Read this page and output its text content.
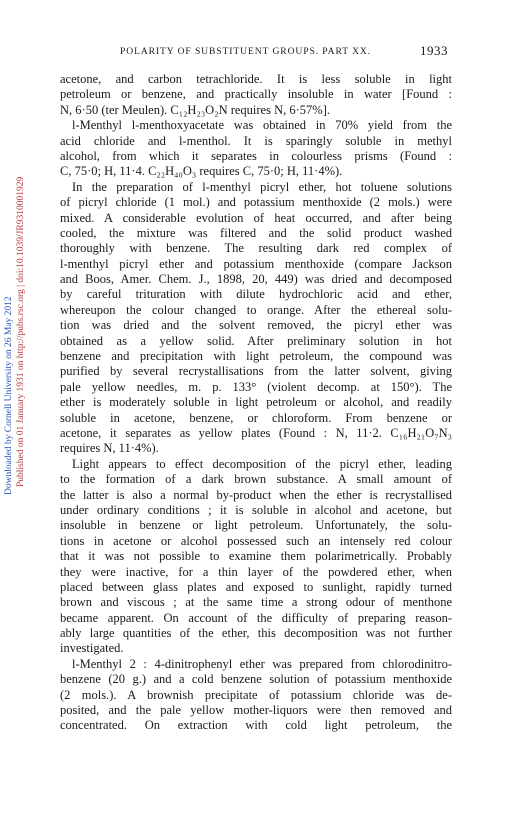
POLARITY OF SUBSTITUENT GROUPS. PART XX.	1933
Downloaded by Cornell University on 26 May 2012 Published on 01 January 1931 on http://pubs.rsc.org | doi:10.1039/JR9310001929
acetone, and carbon tetrachloride. It is less soluble in light
petroleum or benzene, and practically insoluble in water [Found :
N, 6·50 (ter Meulen). C₁₂H₂₃O₂N requires N, 6·57%].
l-Menthyl l-menthoxyacetate was obtained in 70% yield from the
acid chloride and l-menthol. It is sparingly soluble in methyl
alcohol, from which it separates in colourless prisms (Found :
C, 75·0; H, 11·4. C₂₂H₄₀O₃ requires C, 75·0; H, 11·4%).
In the preparation of l-menthyl picryl ether, hot toluene solutions
of picryl chloride (1 mol.) and potassium menthoxide (2 mols.) were
mixed. A considerable evolution of heat occurred, and after being
cooled, the mixture was filtered and the solid product washed
thoroughly with benzene. The resulting dark red complex of
l-menthyl picryl ether and potassium menthoxide (compare Jackson
and Boos, Amer. Chem. J., 1898, 20, 449) was dried and decomposed
by careful trituration with dilute hydrochloric acid and ether,
whereupon the colour changed to orange. After the ethereal solu-
tion was dried and the solvent removed, the picryl ether was
obtained as a yellow solid. After preliminary solution in hot
benzene and precipitation with light petroleum, the compound was
purified by several recrystallisations from the latter solvent, giving
pale yellow needles, m. p. 133° (violent decomp. at 150°). The
ether is moderately soluble in light petroleum or alcohol, and readily
soluble in acetone, benzene, or chloroform. From benzene or
acetone, it separates as yellow plates (Found : N, 11·2. C₁₆H₂₁O₇N₃
requires N, 11·4%).
Light appears to effect decomposition of the picryl ether, leading
to the formation of a dark brown substance. A small amount of
the latter is also a normal by-product when the ether is recrystallised
under ordinary conditions ; it is soluble in alcohol and acetone, but
insoluble in benzene or light petroleum. Unfortunately, the solu-
tions in acetone or alcohol possessed such an intensely red colour
that it was not possible to examine them polarimetrically. Probably
they were inactive, for a thin layer of the powdered ether, when
placed between glass plates and exposed to sunlight, rapidly turned
brown and viscous ; at the same time a strong odour of menthone
became apparent. On account of the difficulty of preparing reason-
ably large quantities of the ether, this decomposition was not further
investigated.
l-Menthyl 2 : 4-dinitrophenyl ether was prepared from chlorodinitro-
benzene (20 g.) and a cold benzene solution of potassium menthoxide
(2 mols.). A brownish precipitate of potassium chloride was de-
posited, and the pale yellow mother-liquors were then removed and
concentrated. On extraction with cold light petroleum, the
